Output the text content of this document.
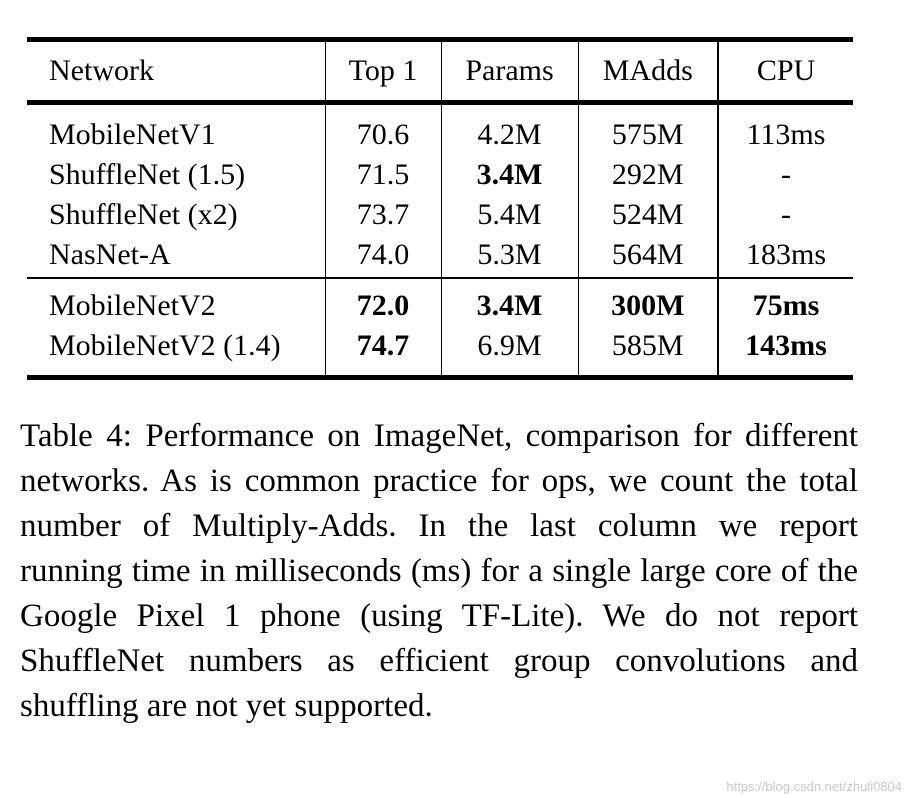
Network	Top 1	Params	MAdds	CPU
MobileNetV1	70.6	4.2M	575M	113ms
ShuffleNet (1.5)	71.5	3.4M	292M	-
ShuffleNet (x2)	73.7	5.4M	524M	-
NasNet-A	74.0	5.3M	564M	183ms
MobileNetV2	72.0	3.4M	300M	75ms
MobileNetV2 (1.4)	74.7	6.9M	585M	143ms

Table 4: Performance on ImageNet, comparison for different networks. As is common practice for ops, we count the total number of Multiply-Adds. In the last column we report running time in milliseconds (ms) for a single large core of the Google Pixel 1 phone (using TF-Lite). We do not report ShuffleNet numbers as efficient group convolutions and shuffling are not yet supported.

https://blog.csdn.net/zhuli0804
